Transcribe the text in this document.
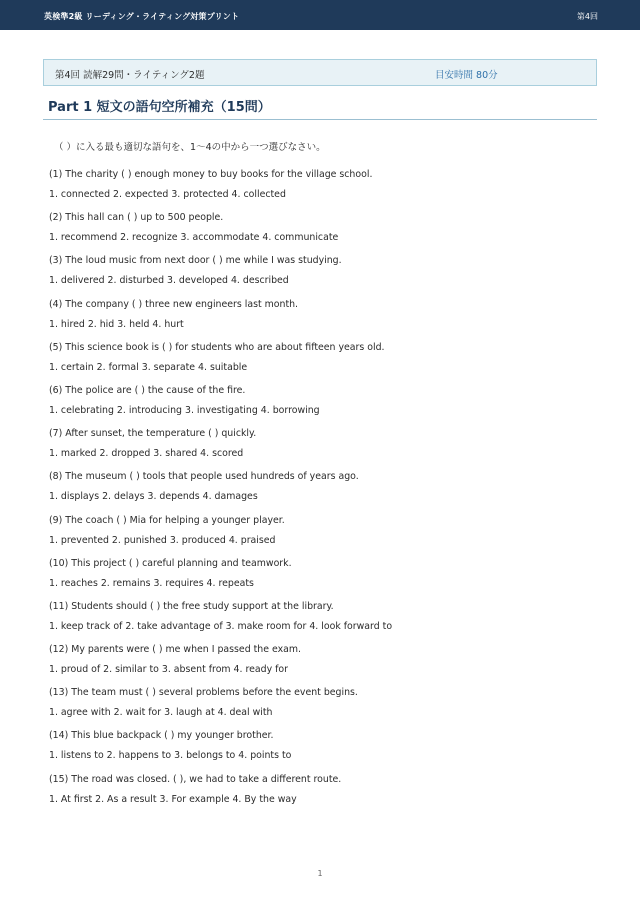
英検準2級 リーディング・ライティング対策プリント	第4回
第4回 読解29問・ライティング2題	目安時間 80分
Part 1 短文の語句空所補充（15問）
（ ）に入る最も適切な語句を、1〜4の中から一つ選びなさい。
(1) The charity ( ) enough money to buy books for the village school.
1. connected 2. expected 3. protected 4. collected
(2) This hall can ( ) up to 500 people.
1. recommend 2. recognize 3. accommodate 4. communicate
(3) The loud music from next door ( ) me while I was studying.
1. delivered 2. disturbed 3. developed 4. described
(4) The company ( ) three new engineers last month.
1. hired 2. hid 3. held 4. hurt
(5) This science book is ( ) for students who are about fifteen years old.
1. certain 2. formal 3. separate 4. suitable
(6) The police are ( ) the cause of the fire.
1. celebrating 2. introducing 3. investigating 4. borrowing
(7) After sunset, the temperature ( ) quickly.
1. marked 2. dropped 3. shared 4. scored
(8) The museum ( ) tools that people used hundreds of years ago.
1. displays 2. delays 3. depends 4. damages
(9) The coach ( ) Mia for helping a younger player.
1. prevented 2. punished 3. produced 4. praised
(10) This project ( ) careful planning and teamwork.
1. reaches 2. remains 3. requires 4. repeats
(11) Students should ( ) the free study support at the library.
1. keep track of 2. take advantage of 3. make room for 4. look forward to
(12) My parents were ( ) me when I passed the exam.
1. proud of 2. similar to 3. absent from 4. ready for
(13) The team must ( ) several problems before the event begins.
1. agree with 2. wait for 3. laugh at 4. deal with
(14) This blue backpack ( ) my younger brother.
1. listens to 2. happens to 3. belongs to 4. points to
(15) The road was closed. ( ), we had to take a different route.
1. At first 2. As a result 3. For example 4. By the way
1
